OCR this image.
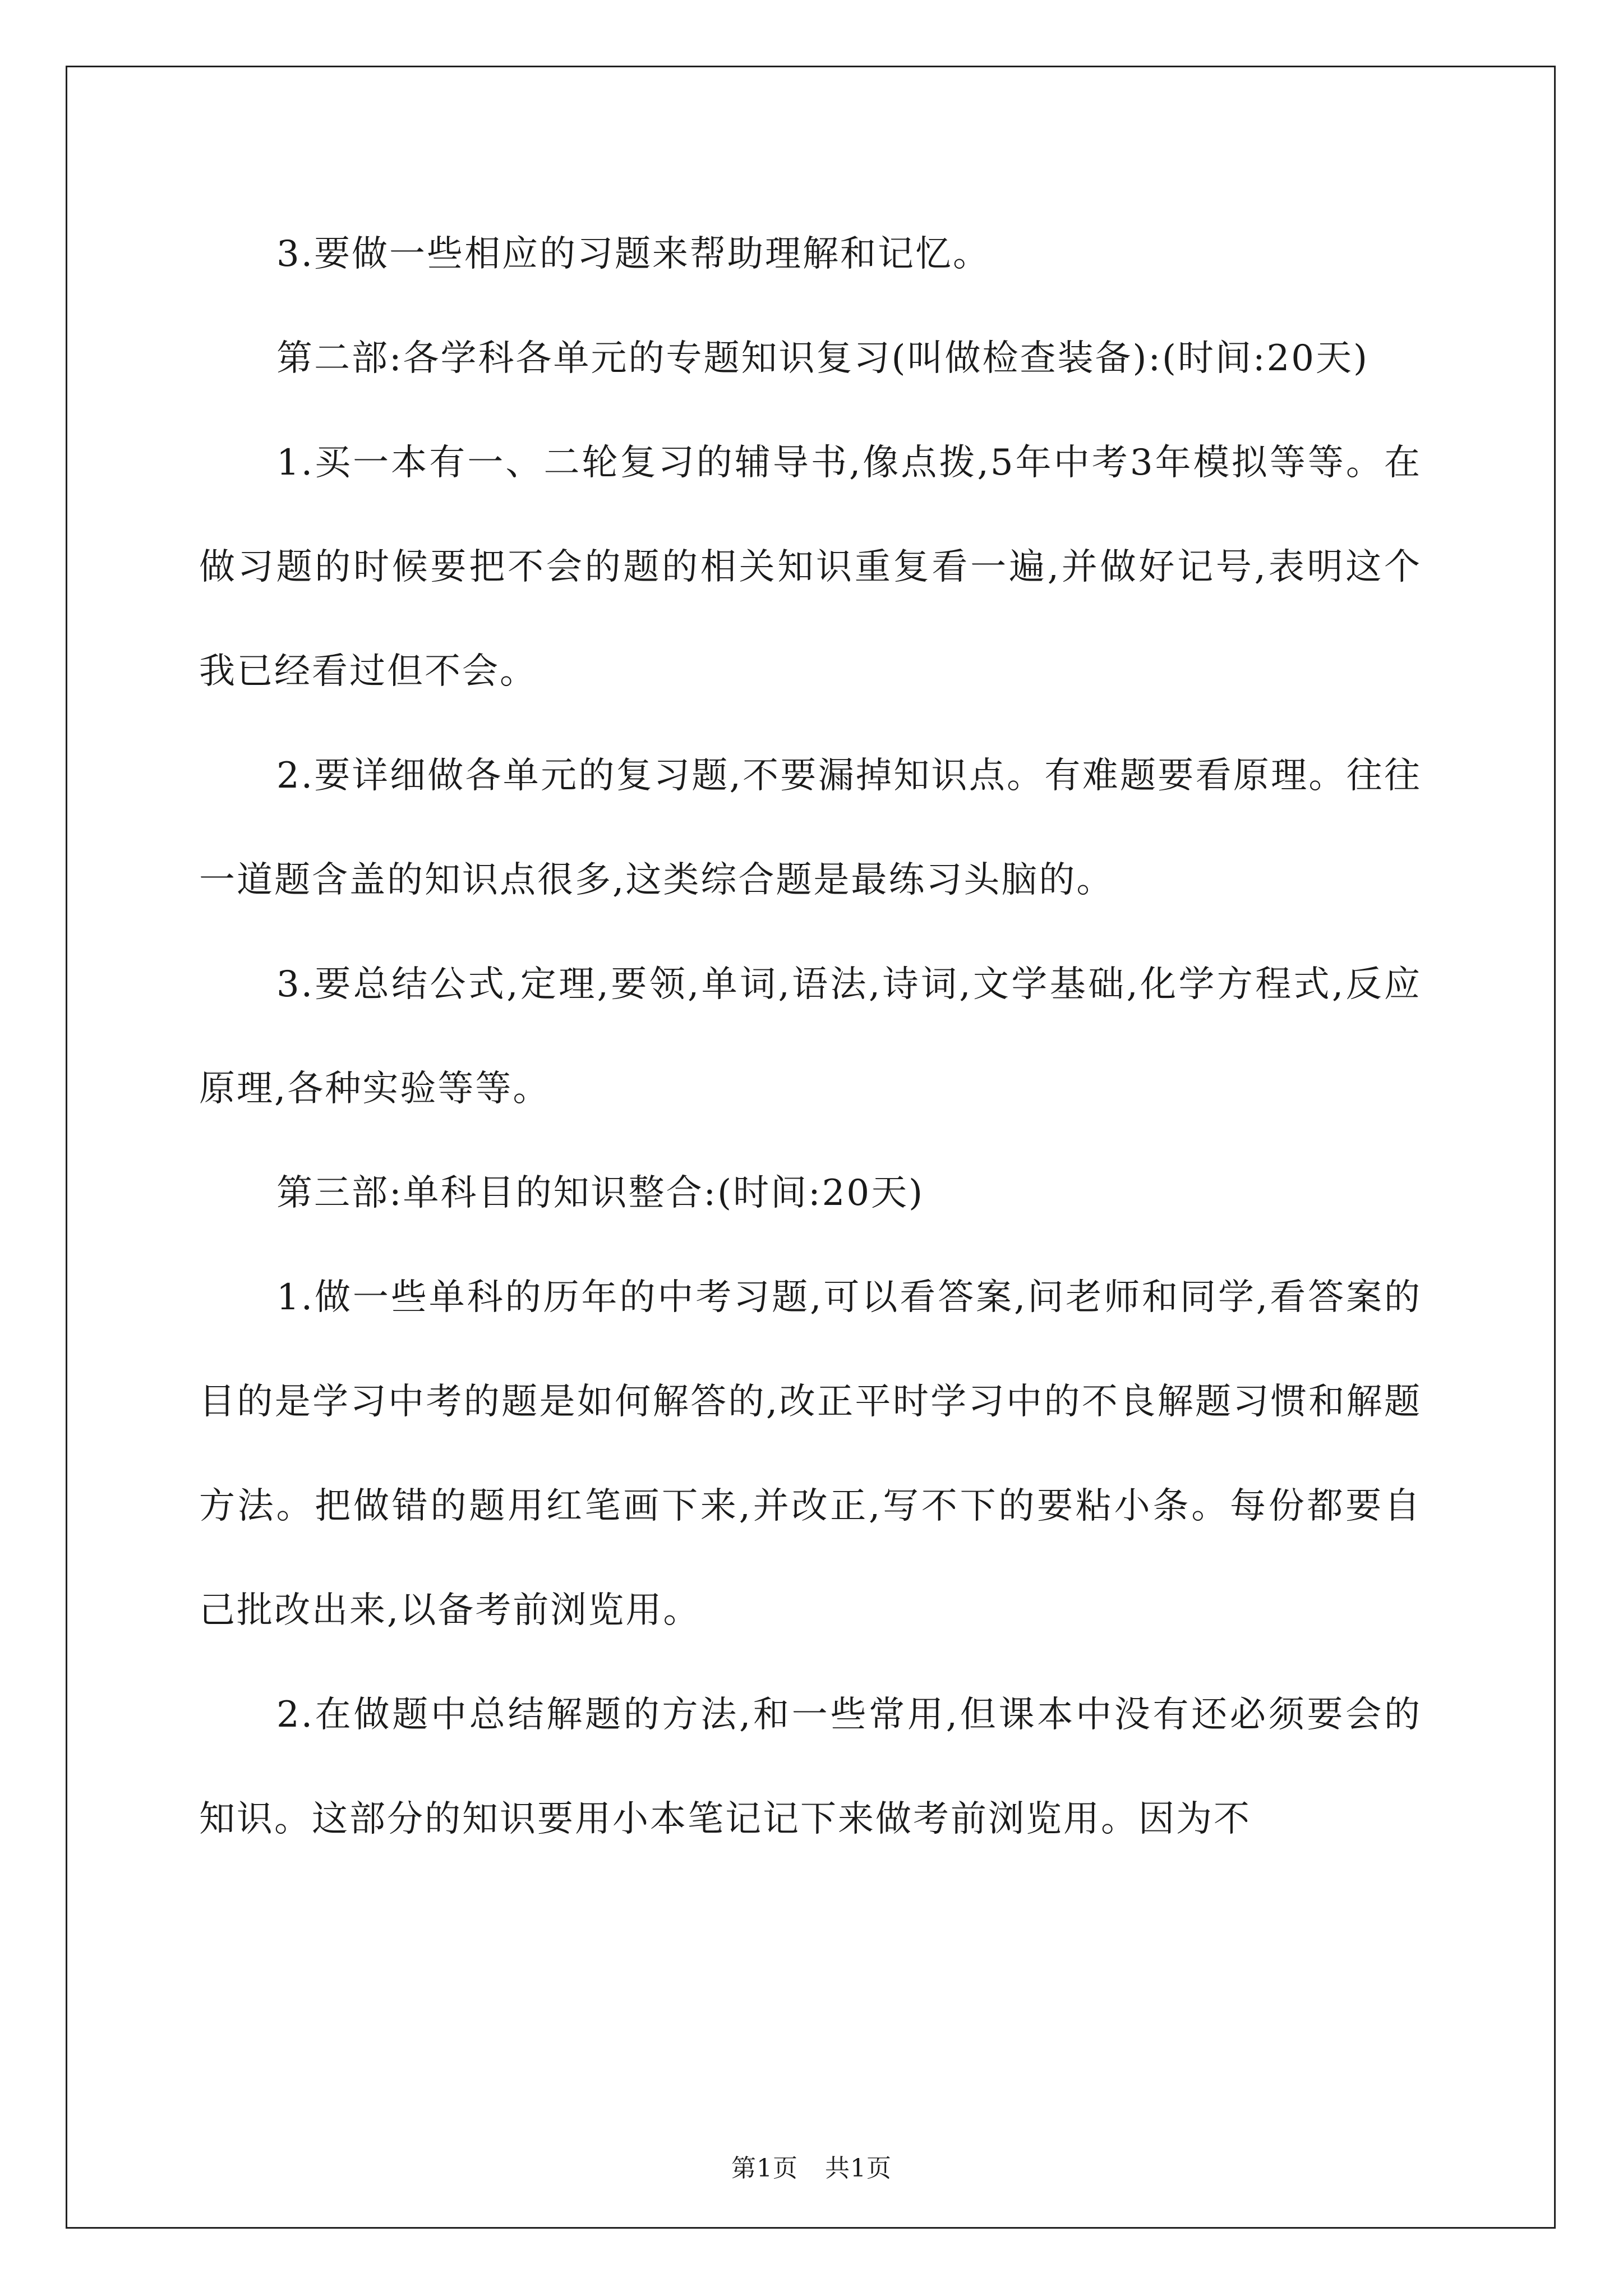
3.要做一些相应的习题来帮助理解和记忆。

第二部:各学科各单元的专题知识复习(叫做检查装备):(时间:20天)

1.买一本有一、二轮复习的辅导书,像点拨,5年中考3年模拟等等。在做习题的时候要把不会的题的相关知识重复看一遍,并做好记号,表明这个我已经看过但不会。

2.要详细做各单元的复习题,不要漏掉知识点。有难题要看原理。往往一道题含盖的知识点很多,这类综合题是最练习头脑的。

3.要总结公式,定理,要领,单词,语法,诗词,文学基础,化学方程式,反应原理,各种实验等等。

第三部:单科目的知识整合:(时间:20天)

1.做一些单科的历年的中考习题,可以看答案,问老师和同学,看答案的目的是学习中考的题是如何解答的,改正平时学习中的不良解题习惯和解题方法。把做错的题用红笔画下来,并改正,写不下的要粘小条。每份都要自己批改出来,以备考前浏览用。

2.在做题中总结解题的方法,和一些常用,但课本中没有还必须要会的知识。这部分的知识要用小本笔记记下来做考前浏览用。因为不

第1页 共1页
